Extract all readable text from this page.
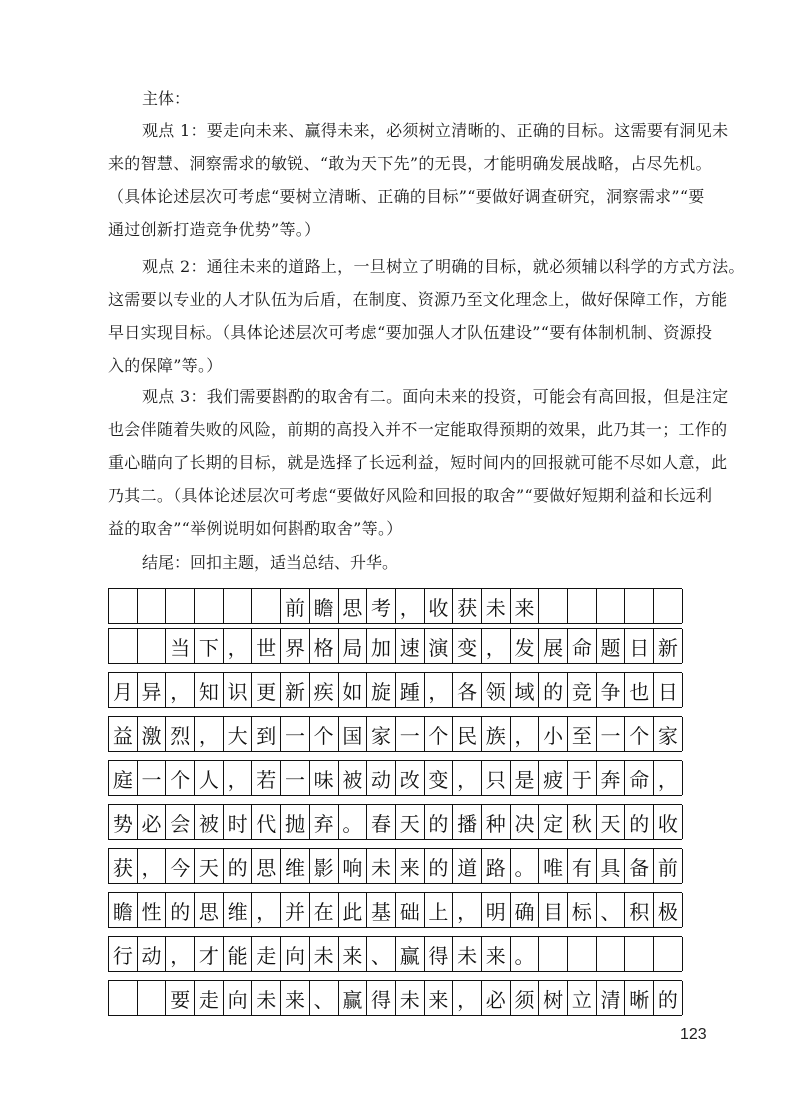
主体：
观点 1：要走向未来、赢得未来，必须树立清晰的、正确的目标。这需要有洞见未
来的智慧、洞察需求的敏锐、“敢为天下先”的无畏，才能明确发展战略，占尽先机。
（具体论述层次可考虑“要树立清晰、正确的目标”“要做好调查研究，洞察需求”“要
通过创新打造竞争优势”等。）
观点 2：通往未来的道路上，一旦树立了明确的目标，就必须辅以科学的方式方法。
这需要以专业的人才队伍为后盾，在制度、资源乃至文化理念上，做好保障工作，方能
早日实现目标。（具体论述层次可考虑“要加强人才队伍建设”“要有体制机制、资源投
入的保障”等。）
观点 3：我们需要斟酌的取舍有二。面向未来的投资，可能会有高回报，但是注定
也会伴随着失败的风险，前期的高投入并不一定能取得预期的效果，此乃其一；工作的
重心瞄向了长期的目标，就是选择了长远利益，短时间内的回报就可能不尽如人意，此
乃其二。（具体论述层次可考虑“要做好风险和回报的取舍”“要做好短期利益和长远利
益的取舍”“举例说明如何斟酌取舍”等。）
结尾：回扣主题，适当总结、升华。
前 瞻 思 考 ， 收 获 未 来
当 下 ， 世 界 格 局 加 速 演 变 ， 发 展 命 题 日 新
月 异 ， 知 识 更 新 疾 如 旋 踵 ， 各 领 域 的 竞 争 也 日
益 激 烈 ， 大 到 一 个 国 家 一 个 民 族 ， 小 至 一 个 家
庭 一 个 人 ， 若 一 味 被 动 改 变 ， 只 是 疲 于 奔 命 ，
势 必 会 被 时 代 抛 弃 。 春 天 的 播 种 决 定 秋 天 的 收
获 ， 今 天 的 思 维 影 响 未 来 的 道 路 。 唯 有 具 备 前
瞻 性 的 思 维 ， 并 在 此 基 础 上 ， 明 确 目 标 、 积 极
行 动 ， 才 能 走 向 未 来 、 赢 得 未 来 。
要 走 向 未 来 、 赢 得 未 来 ， 必 须 树 立 清 晰 的
123
